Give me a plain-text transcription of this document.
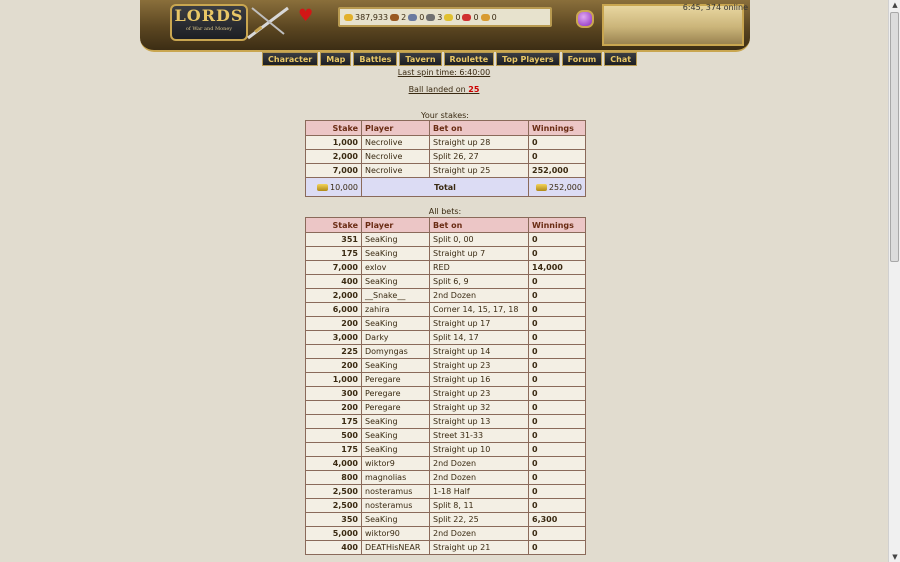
LORDS
of War and Money
♥	387,933 2 0 3 0 0 0
Character	Map	Battles	Tavern	Roulette	Top Players	Forum	Chat
6:45, 374 online
Last spin time: 6:40:00
Ball landed on 25
Your stakes:
Stake	Player	Bet on	Winnings
1,000	Necrolive	Straight up 28	0
2,000	Necrolive	Split 26, 27	0
7,000	Necrolive	Straight up 25	252,000
10,000	Total		252,000
All bets:
Stake	Player	Bet on	Winnings
351	SeaKing	Split 0, 00	0
175	SeaKing	Straight up 7	0
7,000	exlov	RED	14,000
400	SeaKing	Split 6, 9	0
2,000	__Snake__	2nd Dozen	0
6,000	zahira	Corner 14, 15, 17, 18	0
200	SeaKing	Straight up 17	0
3,000	Darky	Split 14, 17	0
225	Domyngas	Straight up 14	0
200	SeaKing	Straight up 23	0
1,000	Peregare	Straight up 16	0
300	Peregare	Straight up 23	0
200	Peregare	Straight up 32	0
175	SeaKing	Straight up 13	0
500	SeaKing	Street 31-33	0
175	SeaKing	Straight up 10	0
4,000	wiktor9	2nd Dozen	0
800	magnolias	2nd Dozen	0
2,500	nosteramus	1-18 Half	0
2,500	nosteramus	Split 8, 11	0
350	SeaKing	Split 22, 25	6,300
5,000	wiktor90	2nd Dozen	0
400	DEATHisNEAR	Straight up 21	0
▲
▼
